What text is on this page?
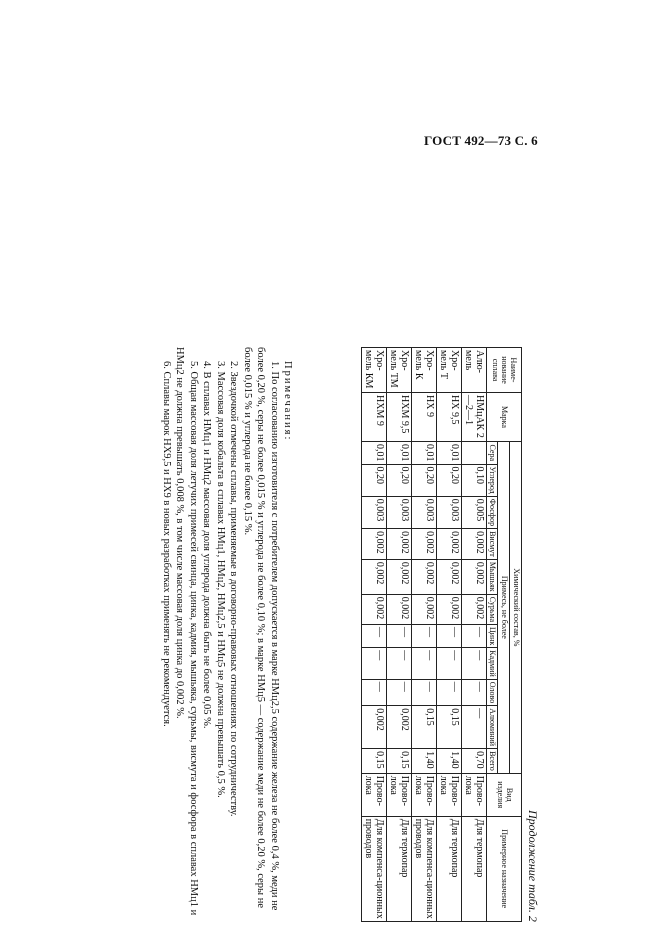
ГОСТ 492—73 С. 6
Продолжение табл. 2
Наиме-нование сплава	Марка	Химический состав, %											Вид изделия	Примерное назначение
		Примесь, не более												
		Сера	Углерод	Фосфор	Висмут	Мышьяк	Сурьма	Цинк	Кадмий	Олово	Алюминий	Всего		
Алю-мель	НМцАК 2—2—1		0,10	0,005	0,002	0,002	0,002	—	—	—	—	0,70	Прово-лока	Для термопар
Хро-мель Т	НХ 9,5	0,01	0,20	0,003	0,002	0,002	0,002	—	—	—	0,15	1,40	Прово-лока	Для термопар
Хро-мель К	НХ 9	0,01	0,20	0,003	0,002	0,002	0,002	—	—	—	0,15	1,40	Прово-лока	Для компенса-ционных проводов
Хро-мель ТМ	НХМ 9,5	0,01	0,20	0,003	0,002	0,002	0,002	—	—	—	0,002	0,15	Прово-лока	Для термопар
Хро-мель КМ	НХМ 9	0,01	0,20	0,003	0,002	0,002	0,002	—	—	—	0,002	0,15	Прово-лока	Для компенса-ционных проводов

Примечания:

1. По согласованию изготовителя с потребителем допускается в марке НМц2,5 содержание железа не более 0,4 %, меди не более 0,20 %, серы не более 0,015 % и углерода не более 0,10 %; в марке НМц5 — содержание меди не более 0,20 %, серы не более 0,015 % и углерода не более 0,15 %.

2. Звездочкой отмечены сплавы, применяемые в договорно-правовых отношениях по сотрудничеству.

3. Массовая доля кобальта в сплавах НМц1, НМц2, НМц2,5 и НМц5 не должна превышать 0,5 %.

4. В сплавах НМц1 и НМц2 массовая доля углерода должна быть не более 0,05 %.

5. Общая массовая доля летучих примесей свинца, цинка, кадмия, мышьяка, сурьмы, висмута и фосфора в сплавах НМц1 и НМц2 не должна превышать 0,008 %, в том числе массовая доля цинка до 0,002 %.

6. Сплавы марок НХ9,5 и НХ9 в новых разработках применять не рекомендуется.
